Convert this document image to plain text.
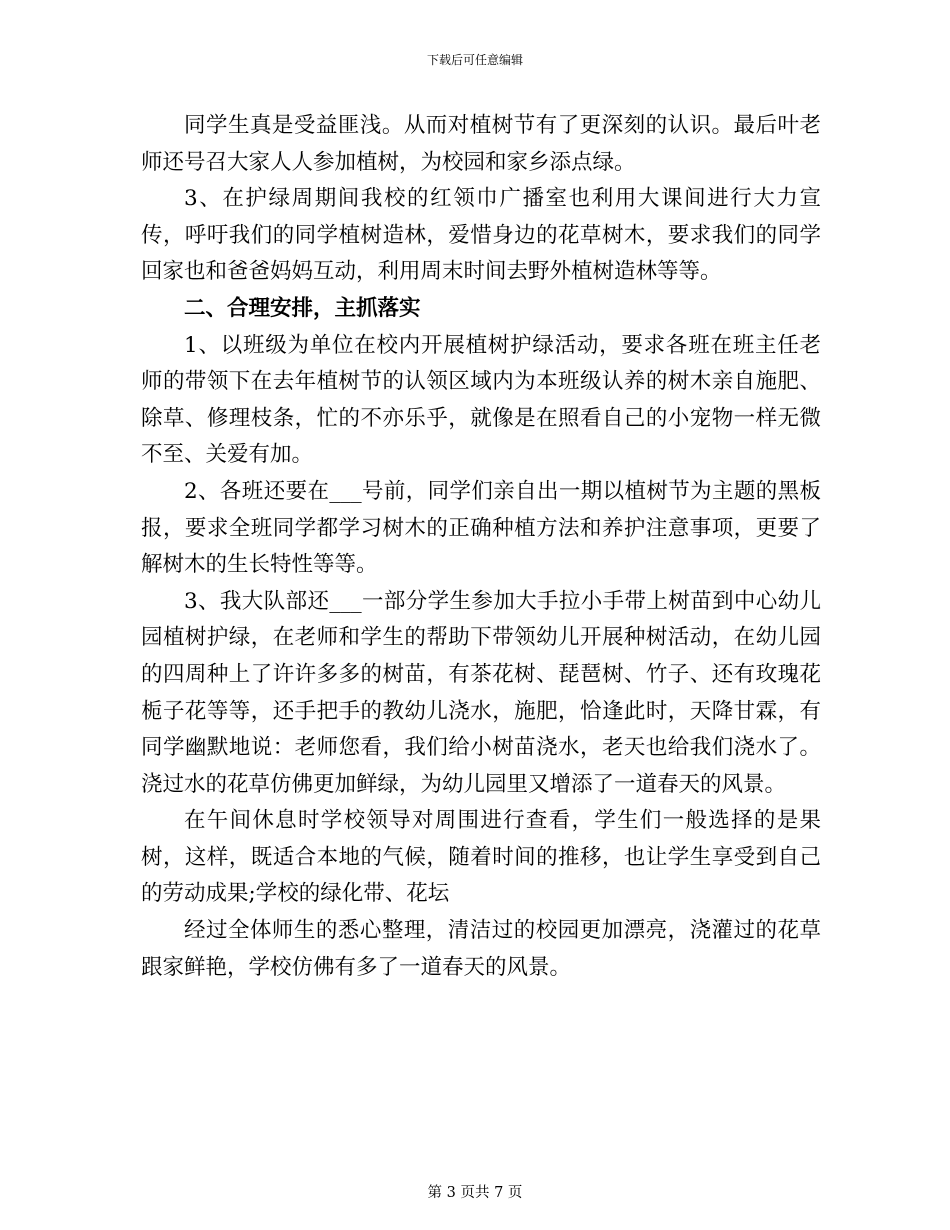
下载后可任意编辑

同学生真是受益匪浅。从而对植树节有了更深刻的认识。最后叶老师还号召大家人人参加植树，为校园和家乡添点绿。

3、在护绿周期间我校的红领巾广播室也利用大课间进行大力宣传，呼吁我们的同学植树造林，爱惜身边的花草树木，要求我们的同学回家也和爸爸妈妈互动，利用周末时间去野外植树造林等等。

二、合理安排，主抓落实

1、以班级为单位在校内开展植树护绿活动，要求各班在班主任老师的带领下在去年植树节的认领区域内为本班级认养的树木亲自施肥、除草、修理枝条，忙的不亦乐乎，就像是在照看自己的小宠物一样无微不至、关爱有加。

2、各班还要在___号前，同学们亲自出一期以植树节为主题的黑板报，要求全班同学都学习树木的正确种植方法和养护注意事项，更要了解树木的生长特性等等。

3、我大队部还___一部分学生参加大手拉小手带上树苗到中心幼儿园植树护绿，在老师和学生的帮助下带领幼儿开展种树活动，在幼儿园的四周种上了许许多多的树苗，有茶花树、琵琶树、竹子、还有玫瑰花栀子花等等，还手把手的教幼儿浇水，施肥，恰逢此时，天降甘霖，有同学幽默地说：老师您看，我们给小树苗浇水，老天也给我们浇水了。浇过水的花草仿佛更加鲜绿，为幼儿园里又增添了一道春天的风景。

在午间休息时学校领导对周围进行查看，学生们一般选择的是果树，这样，既适合本地的气候，随着时间的推移，也让学生享受到自己的劳动成果;学校的绿化带、花坛

经过全体师生的悉心整理，清洁过的校园更加漂亮，浇灌过的花草跟家鲜艳，学校仿佛有多了一道春天的风景。

第 3 页共 7 页
